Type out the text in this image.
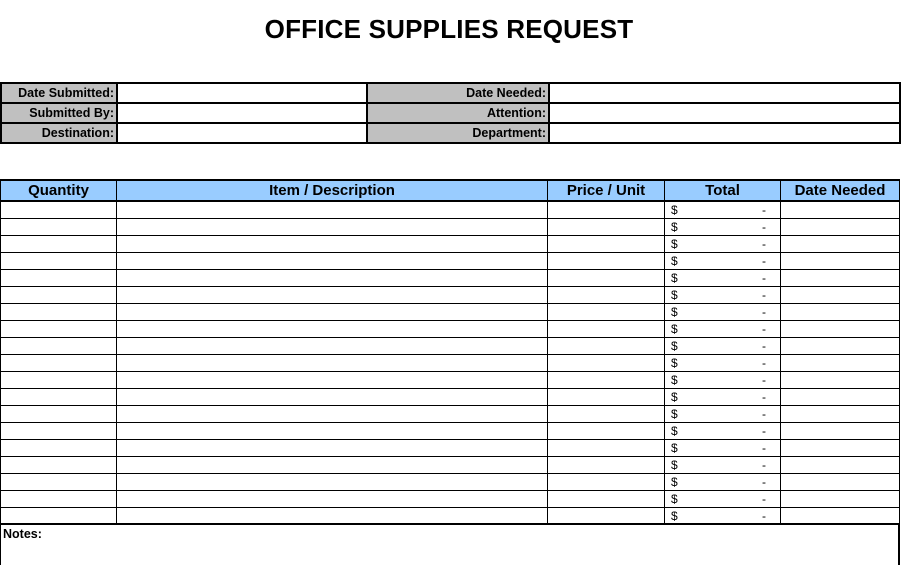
OFFICE SUPPLIES REQUEST
Date Submitted:		Date Needed:	
Submitted By:		Attention:	
Destination:		Department:	
Quantity	Item / Description	Price / Unit	Total	Date Needed

			$ -	

			$ -	

			$ -	

			$ -	

			$ -	

			$ -	

			$ -	

			$ -	

			$ -	

			$ -	

			$ -	

			$ -	

			$ -	

			$ -	

			$ -	

			$ -	

			$ -	

			$ -	

			$ -	

Notes:
